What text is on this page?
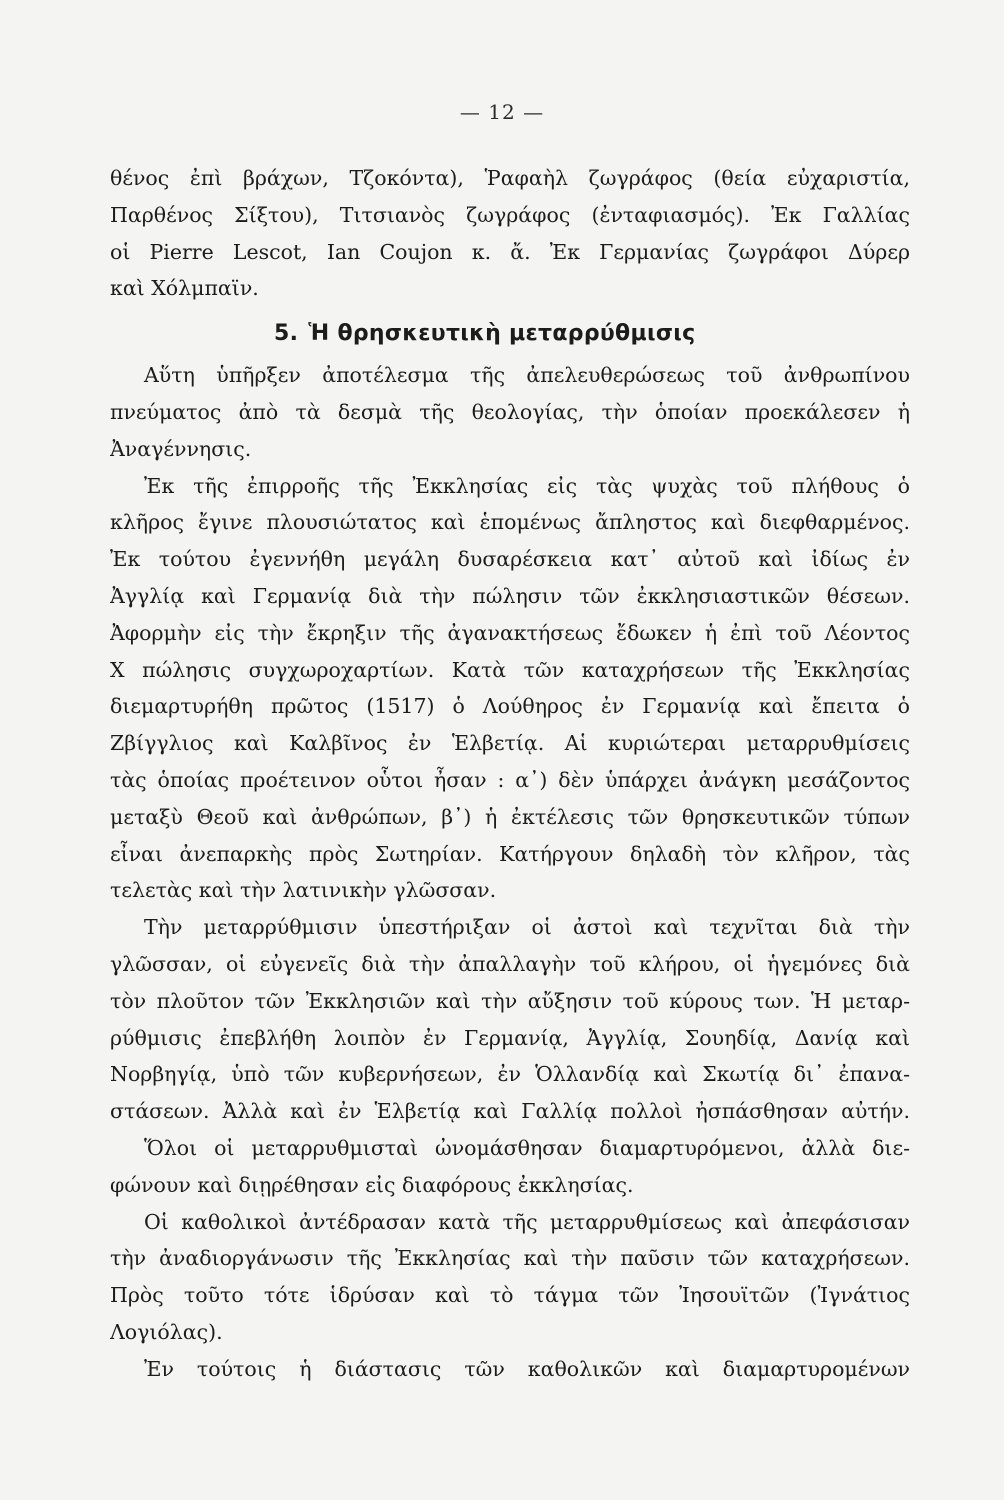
— 12 —
θένος ἐπὶ βράχων, Τζοκόντα), Ῥαφαὴλ ζωγράφος (θεία εὐχαριστία,
Παρθένος Σίξτου), Τιτσιανὸς ζωγράφος (ἐνταφιασμός). Ἐκ Γαλλίας
οἱ Pierre Lescot, Ian Coujon κ. ἄ. Ἐκ Γερμανίας ζωγράφοι Δύρερ
καὶ Χόλμπαϊν.
5. Ἡ θρησκευτικὴ μεταρρύθμισις
Αὕτη ὑπῆρξεν ἀποτέλεσμα τῆς ἀπελευθερώσεως τοῦ ἀνθρωπίνου
πνεύματος ἀπὸ τὰ δεσμὰ τῆς θεολογίας, τὴν ὁποίαν προεκάλεσεν ἡ
Ἀναγέννησις.
Ἐκ τῆς ἐπιρροῆς τῆς Ἐκκλησίας εἰς τὰς ψυχὰς τοῦ πλήθους ὁ
κλῆρος ἔγινε πλουσιώτατος καὶ ἑπομένως ἄπληστος καὶ διεφθαρμένος.
Ἐκ τούτου ἐγεννήθη μεγάλη δυσαρέσκεια κατ᾿ αὐτοῦ καὶ ἰδίως ἐν
Ἀγγλίᾳ καὶ Γερμανίᾳ διὰ τὴν πώλησιν τῶν ἐκκλησιαστικῶν θέσεων.
Ἀφορμὴν εἰς τὴν ἔκρηξιν τῆς ἀγανακτήσεως ἔδωκεν ἡ ἐπὶ τοῦ Λέοντος
Χ πώλησις συγχωροχαρτίων. Κατὰ τῶν καταχρήσεων τῆς Ἐκκλησίας
διεμαρτυρήθη πρῶτος (1517) ὁ Λούθηρος ἐν Γερμανίᾳ καὶ ἔπειτα ὁ
Ζβίγγλιος καὶ Καλβῖνος ἐν Ἑλβετίᾳ. Αἱ κυριώτεραι μεταρρυθμίσεις
τὰς ὁποίας προέτεινον οὗτοι ἦσαν : α᾿) δὲν ὑπάρχει ἀνάγκη μεσάζοντος
μεταξὺ Θεοῦ καὶ ἀνθρώπων, β᾿) ἡ ἐκτέλεσις τῶν θρησκευτικῶν τύπων
εἶναι ἀνεπαρκὴς πρὸς Σωτηρίαν. Κατήργουν δηλαδὴ τὸν κλῆρον, τὰς
τελετὰς καὶ τὴν λατινικὴν γλῶσσαν.
Τὴν μεταρρύθμισιν ὑπεστήριξαν οἱ ἀστοὶ καὶ τεχνῖται διὰ τὴν
γλῶσσαν, οἱ εὐγενεῖς διὰ τὴν ἀπαλλαγὴν τοῦ κλήρου, οἱ ἡγεμόνες διὰ
τὸν πλοῦτον τῶν Ἐκκλησιῶν καὶ τὴν αὔξησιν τοῦ κύρους των. Ἡ μεταρ-
ρύθμισις ἐπεβλήθη λοιπὸν ἐν Γερμανίᾳ, Ἀγγλίᾳ, Σουηδίᾳ, Δανίᾳ καὶ
Νορβηγίᾳ, ὑπὸ τῶν κυβερνήσεων, ἐν Ὁλλανδίᾳ καὶ Σκωτίᾳ δι᾿ ἐπανα-
στάσεων. Ἀλλὰ καὶ ἐν Ἑλβετίᾳ καὶ Γαλλίᾳ πολλοὶ ἠσπάσθησαν αὐτήν.
Ὅλοι οἱ μεταρρυθμισταὶ ὠνομάσθησαν διαμαρτυρόμενοι, ἀλλὰ διε-
φώνουν καὶ διῃρέθησαν εἰς διαφόρους ἐκκλησίας.
Οἱ καθολικοὶ ἀντέδρασαν κατὰ τῆς μεταρρυθμίσεως καὶ ἀπεφάσισαν
τὴν ἀναδιοργάνωσιν τῆς Ἐκκλησίας καὶ τὴν παῦσιν τῶν καταχρήσεων.
Πρὸς τοῦτο τότε ἱδρύσαν καὶ τὸ τάγμα τῶν Ἰησουϊτῶν (Ἰγνάτιος
Λογιόλας).
Ἐν τούτοις ἡ διάστασις τῶν καθολικῶν καὶ διαμαρτυρομένων
